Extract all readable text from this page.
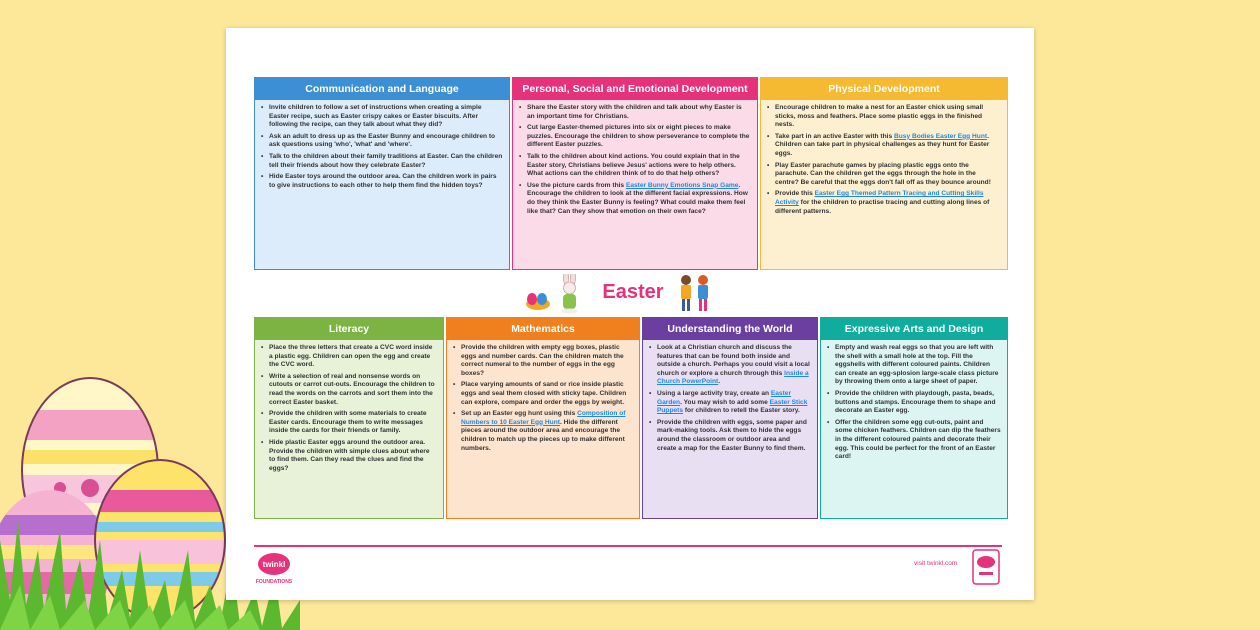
Communication and Language
• Invite children to follow a set of instructions when creating a simple Easter recipe, such as Easter crispy cakes or Easter biscuits. After following the recipe, can they talk about what they did?
• Ask an adult to dress up as the Easter Bunny and encourage children to ask questions using 'who', 'what' and 'where'.
• Talk to the children about their family traditions at Easter. Can the children tell their friends about how they celebrate Easter?
• Hide Easter toys around the outdoor area. Can the children work in pairs to give instructions to each other to help them find the hidden toys?
Personal, Social and Emotional Development
• Share the Easter story with the children and talk about why Easter is an important time for Christians.
• Cut large Easter-themed pictures into six or eight pieces to make puzzles. Encourage the children to show perseverance to complete the different Easter puzzles.
• Talk to the children about kind actions. You could explain that in the Easter story, Christians believe Jesus' actions were to help others. What actions can the children think of to do that help others?
• Use the picture cards from this Easter Bunny Emotions Snap Game. Encourage the children to look at the different facial expressions. How do they think the Easter Bunny is feeling? What could make them feel like that? Can they show that emotion on their own face?
Physical Development
• Encourage children to make a nest for an Easter chick using small sticks, moss and feathers. Place some plastic eggs in the finished nests.
• Take part in an active Easter with this Busy Bodies Easter Egg Hunt. Children can take part in physical challenges as they hunt for Easter eggs.
• Play Easter parachute games by placing plastic eggs onto the parachute. Can the children get the eggs through the hole in the centre? Be careful that the eggs don't fall off as they bounce around!
• Provide this Easter Egg Themed Pattern Tracing and Cutting Skills Activity for the children to practise tracing and cutting along lines of different patterns.
Easter
Literacy
• Place the three letters that create a CVC word inside a plastic egg. Children can open the egg and create the CVC word.
• Write a selection of real and nonsense words on cutouts or carrot cut-outs. Encourage the children to read the words on the carrots and sort them into the correct Easter basket.
• Provide the children with some materials to create Easter cards. Encourage them to write messages inside the cards for their friends or family.
• Hide plastic Easter eggs around the outdoor area. Provide the children with simple clues about where to find them. Can they read the clues and find the eggs?
Mathematics
• Provide the children with empty egg boxes, plastic eggs and number cards. Can the children match the correct numeral to the number of eggs in the egg boxes?
• Place varying amounts of sand or rice inside plastic eggs and seal them closed with sticky tape. Children can explore, compare and order the eggs by weight.
• Set up an Easter egg hunt using this Composition of Numbers to 10 Easter Egg Hunt. Hide the different pieces around the outdoor area and encourage the children to match up the pieces up to make different numbers.
Understanding the World
• Look at a Christian church and discuss the features that can be found both inside and outside a church. Perhaps you could visit a local church or explore a church through this Inside a Church PowerPoint.
• Using a large activity tray, create an Easter Garden. You may wish to add some Easter Stick Puppets for children to retell the Easter story.
• Provide the children with eggs, some paper and mark-making tools. Ask them to hide the eggs around the classroom or outdoor area and create a map for the Easter Bunny to find them.
Expressive Arts and Design
• Empty and wash real eggs so that you are left with the shell with a small hole at the top. Fill the eggshells with different coloured paints. Children can create an egg-splosion large-scale class picture by throwing them onto a large sheet of paper.
• Provide the children with playdough, pasta, beads, buttons and stamps. Encourage them to shape and decorate an Easter egg.
• Offer the children some egg cut-outs, paint and some chicken feathers. Children can dip the feathers in the different coloured paints and decorate their egg. This could be perfect for the front of an Easter card!
twinkl
FOUNDATIONS
visit twinkl.com
